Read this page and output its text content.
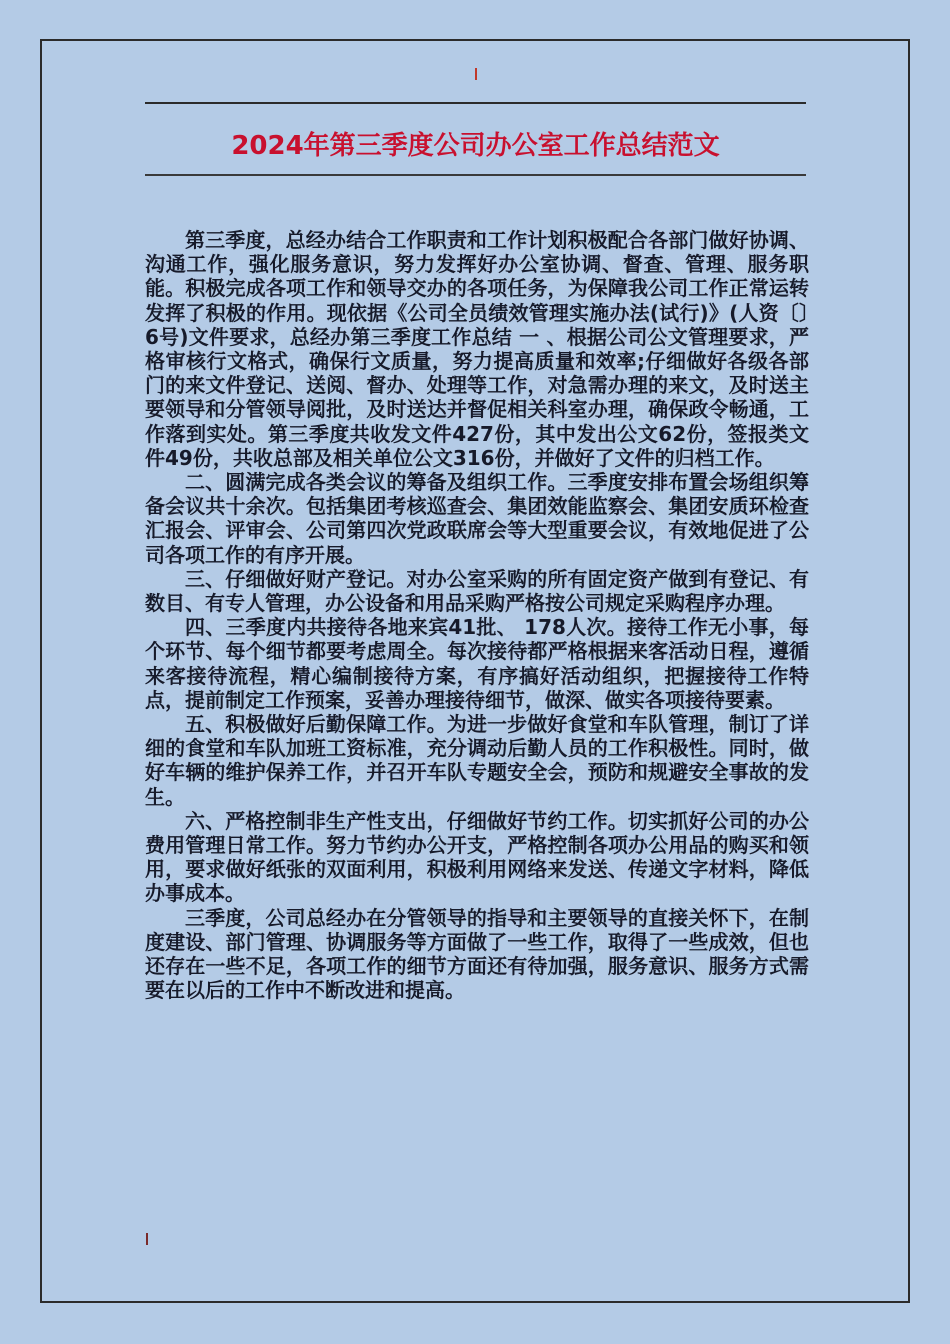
2024年第三季度公司办公室工作总结范文

第三季度，总经办结合工作职责和工作计划积极配合各部门做好协调、沟通工作，强化服务意识，努力发挥好办公室协调、督查、管理、服务职能。积极完成各项工作和领导交办的各项任务，为保障我公司工作正常运转发挥了积极的作用。现依据《公司全员绩效管理实施办法(试行)》(人资〔〕6号)文件要求，总经办第三季度工作总结 一 、根据公司公文管理要求，严格审核行文格式，确保行文质量，努力提高质量和效率;仔细做好各级各部门的来文件登记、送阅、督办、处理等工作，对急需办理的来文，及时送主要领导和分管领导阅批，及时送达并督促相关科室办理，确保政令畅通，工作落到实处。第三季度共收发文件427份，其中发出公文62份，签报类文件49份，共收总部及相关单位公文316份，并做好了文件的归档工作。

二、圆满完成各类会议的筹备及组织工作。三季度安排布置会场组织筹备会议共十余次。包括集团考核巡查会、集团效能监察会、集团安质环检查汇报会、评审会、公司第四次党政联席会等大型重要会议，有效地促进了公司各项工作的有序开展。

三、仔细做好财产登记。对办公室采购的所有固定资产做到有登记、有数目、有专人管理，办公设备和用品采购严格按公司规定采购程序办理。

四、三季度内共接待各地来宾41批、 178人次。接待工作无小事，每个环节、每个细节都要考虑周全。每次接待都严格根据来客活动日程，遵循来客接待流程，精心编制接待方案，有序搞好活动组织，把握接待工作特点，提前制定工作预案，妥善办理接待细节，做深、做实各项接待要素。

五、积极做好后勤保障工作。为进一步做好食堂和车队管理，制订了详细的食堂和车队加班工资标准，充分调动后勤人员的工作积极性。同时，做好车辆的维护保养工作，并召开车队专题安全会，预防和规避安全事故的发生。

六、严格控制非生产性支出，仔细做好节约工作。切实抓好公司的办公费用管理日常工作。努力节约办公开支，严格控制各项办公用品的购买和领用，要求做好纸张的双面利用，积极利用网络来发送、传递文字材料，降低办事成本。

三季度，公司总经办在分管领导的指导和主要领导的直接关怀下，在制度建设、部门管理、协调服务等方面做了一些工作，取得了一些成效，但也还存在一些不足，各项工作的细节方面还有待加强，服务意识、服务方式需要在以后的工作中不断改进和提高。
